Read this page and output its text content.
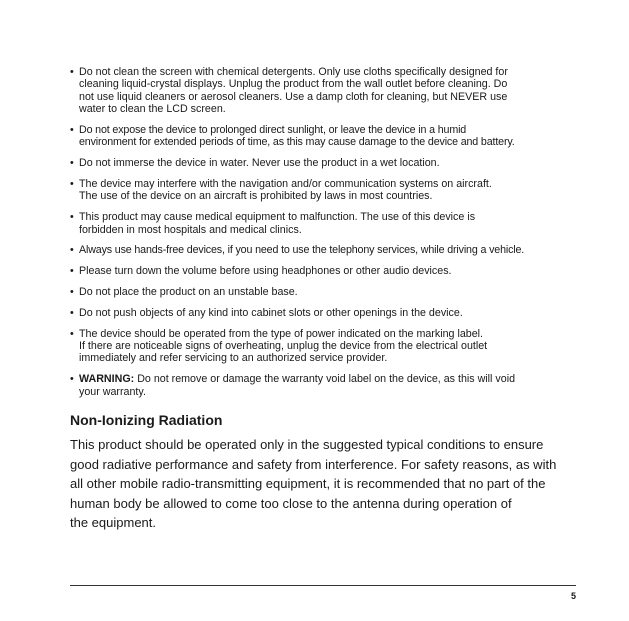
• Do not clean the screen with chemical detergents. Only use cloths specifically designed for
cleaning liquid-crystal displays. Unplug the product from the wall outlet before cleaning. Do
not use liquid cleaners or aerosol cleaners. Use a damp cloth for cleaning, but NEVER use
water to clean the LCD screen.
• Do not expose the device to prolonged direct sunlight, or leave the device in a humid
environment for extended periods of time, as this may cause damage to the device and battery.
• Do not immerse the device in water. Never use the product in a wet location.
• The device may interfere with the navigation and/or communication systems on aircraft.
The use of the device on an aircraft is prohibited by laws in most countries.
• This product may cause medical equipment to malfunction. The use of this device is
forbidden in most hospitals and medical clinics.
• Always use hands-free devices, if you need to use the telephony services, while driving a vehicle.
• Please turn down the volume before using headphones or other audio devices.
• Do not place the product on an unstable base.
• Do not push objects of any kind into cabinet slots or other openings in the device.
• The device should be operated from the type of power indicated on the marking label.
If there are noticeable signs of overheating, unplug the device from the electrical outlet
immediately and refer servicing to an authorized service provider.
• WARNING: Do not remove or damage the warranty void label on the device, as this will void
your warranty.
Non-Ionizing Radiation
This product should be operated only in the suggested typical conditions to ensure
good radiative performance and safety from interference. For safety reasons, as with
all other mobile radio-transmitting equipment, it is recommended that no part of the
human body be allowed to come too close to the antenna during operation of
the equipment.
5
